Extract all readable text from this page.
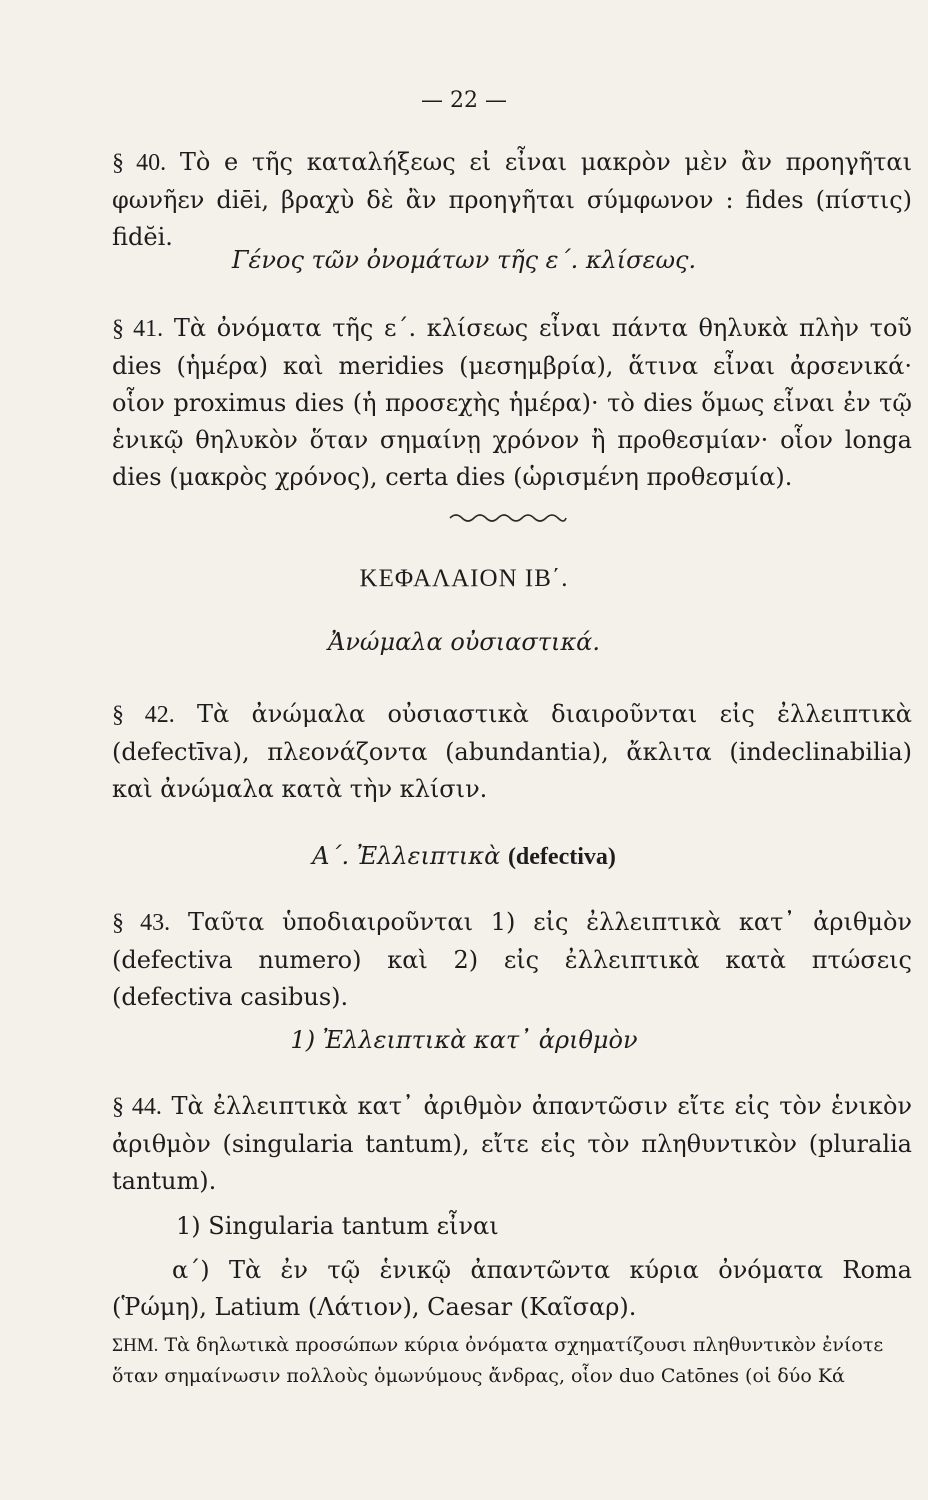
— 22 —

§ 40. Τὸ e τῆς καταλήξεως εἰ εἶναι μακρὸν μὲν ἂν προηγῆται φωνῆεν diēi, βραχὺ δὲ ἂν προηγῆται σύμφωνον : fides (πίστις) fidĕi.

Γένος τῶν ὀνομάτων τῆς ε΄. κλίσεως.

§ 41. Τὰ ὀνόματα τῆς ε΄. κλίσεως εἶναι πάντα θηλυκὰ πλὴν τοῦ dies (ἡμέρα) καὶ meridies (μεσημβρία), ἅτινα εἶναι ἀρσενικά· οἷον proximus dies (ἡ προσεχὴς ἡμέρα)· τὸ dies ὅμως εἶναι ἐν τῷ ἑνικῷ θηλυκὸν ὅταν σημαίνῃ χρόνον ἢ προθεσμίαν· οἷον longa dies (μακρὸς χρόνος), certa dies (ὡρισμένη προθεσμία).

ΚΕΦΑΛΑΙΟΝ ΙΒ΄.

Ἀνώμαλα οὐσιαστικά.

§ 42. Τὰ ἀνώμαλα οὐσιαστικὰ διαιροῦνται εἰς ἐλλειπτικὰ (defectīva), πλεονάζοντα (abundantia), ἄκλιτα (indeclinabilia) καὶ ἀνώμαλα κατὰ τὴν κλίσιν.

Α΄. Ἐλλειπτικὰ (defectiva)

§ 43. Ταῦτα ὑποδιαιροῦνται 1) εἰς ἐλλειπτικὰ κατ᾽ ἀριθμὸν (defectiva numero) καὶ 2) εἰς ἐλλειπτικὰ κατὰ πτώσεις (defectiva casibus).

1) Ἐλλειπτικὰ κατ᾽ ἀριθμὸν

§ 44. Τὰ ἐλλειπτικὰ κατ᾽ ἀριθμὸν ἀπαντῶσιν εἴτε εἰς τὸν ἑνικὸν ἀριθμὸν (singularia tantum), εἴτε εἰς τὸν πληθυντικὸν (pluralia tantum).

1) Singularia tantum εἶναι

α΄) Τὰ ἐν τῷ ἑνικῷ ἀπαντῶντα κύρια ὀνόματα Roma (Ῥώμη), Latium (Λάτιον), Caesar (Καῖσαρ).

ΣΗΜ. Τὰ δηλωτικὰ προσώπων κύρια ὀνόματα σχηματίζουσι πληθυντικὸν ἐνίοτε ὅταν σημαίνωσιν πολλοὺς ὁμωνύμους ἄνδρας, οἷον duo Catōnes (οἱ δύο Κά
